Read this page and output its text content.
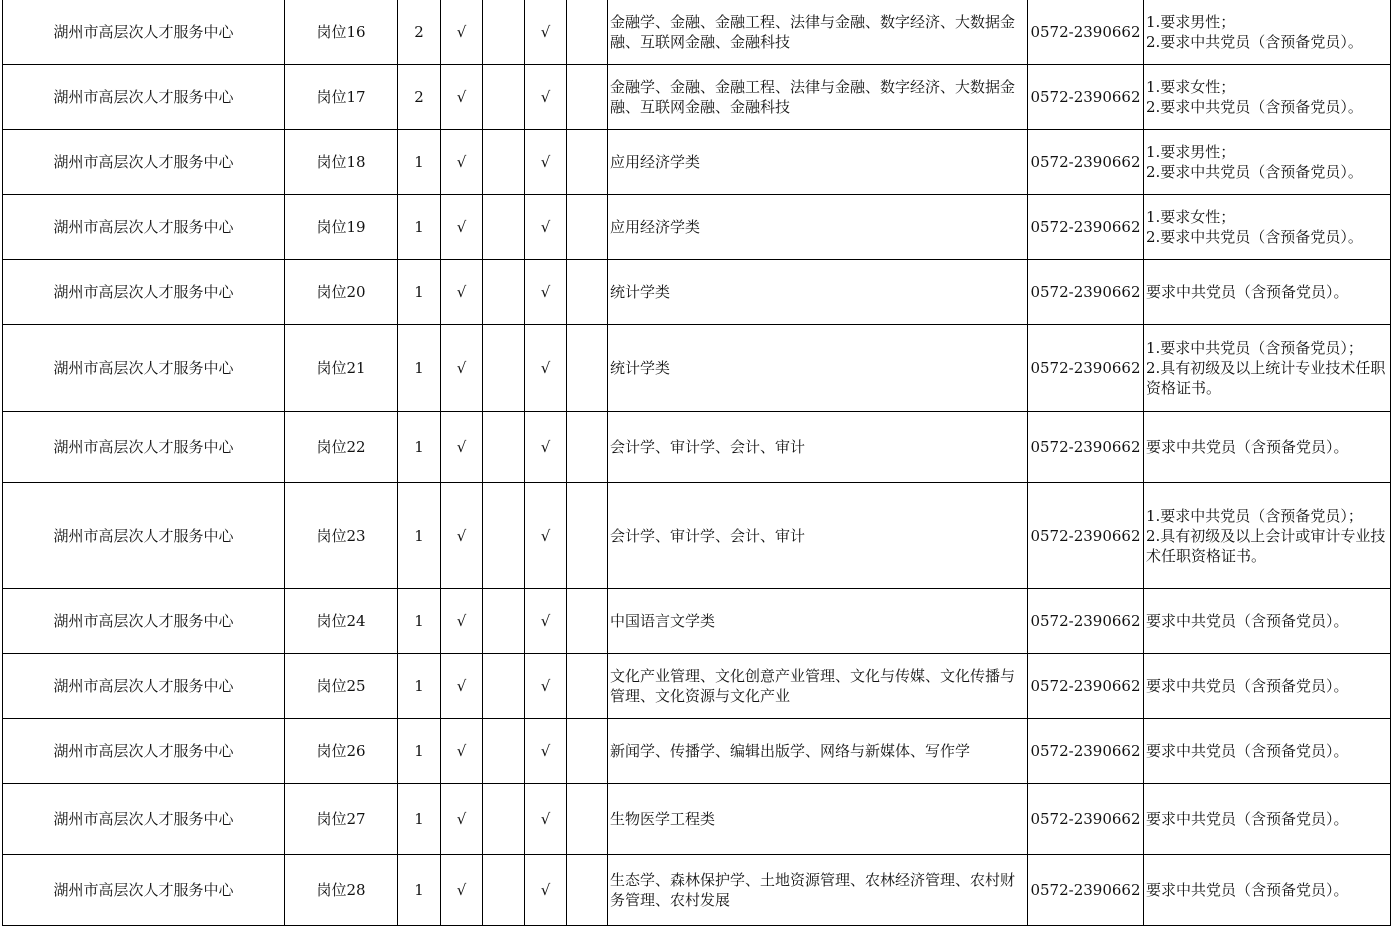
湖州市高层次人才服务中心	岗位16	2	√		√		金融学、金融、金融工程、法律与金融、数字经济、大数据金融、互联网金融、金融科技	0572-2390662	1.要求男性；
2.要求中共党员（含预备党员）。
湖州市高层次人才服务中心	岗位17	2	√		√		金融学、金融、金融工程、法律与金融、数字经济、大数据金融、互联网金融、金融科技	0572-2390662	1.要求女性；
2.要求中共党员（含预备党员）。
湖州市高层次人才服务中心	岗位18	1	√		√		应用经济学类	0572-2390662	1.要求男性；
2.要求中共党员（含预备党员）。
湖州市高层次人才服务中心	岗位19	1	√		√		应用经济学类	0572-2390662	1.要求女性；
2.要求中共党员（含预备党员）。
湖州市高层次人才服务中心	岗位20	1	√		√		统计学类	0572-2390662	要求中共党员（含预备党员）。
湖州市高层次人才服务中心	岗位21	1	√		√		统计学类	0572-2390662	1.要求中共党员（含预备党员）；
2.具有初级及以上统计专业技术任职资格证书。
湖州市高层次人才服务中心	岗位22	1	√		√		会计学、审计学、会计、审计	0572-2390662	要求中共党员（含预备党员）。
湖州市高层次人才服务中心	岗位23	1	√		√		会计学、审计学、会计、审计	0572-2390662	1.要求中共党员（含预备党员）；
2.具有初级及以上会计或审计专业技术任职资格证书。
湖州市高层次人才服务中心	岗位24	1	√		√		中国语言文学类	0572-2390662	要求中共党员（含预备党员）。
湖州市高层次人才服务中心	岗位25	1	√		√		文化产业管理、文化创意产业管理、文化与传媒、文化传播与管理、文化资源与文化产业	0572-2390662	要求中共党员（含预备党员）。
湖州市高层次人才服务中心	岗位26	1	√		√		新闻学、传播学、编辑出版学、网络与新媒体、写作学	0572-2390662	要求中共党员（含预备党员）。
湖州市高层次人才服务中心	岗位27	1	√		√		生物医学工程类	0572-2390662	要求中共党员（含预备党员）。
湖州市高层次人才服务中心	岗位28	1	√		√		生态学、森林保护学、土地资源管理、农林经济管理、农村财务管理、农村发展	0572-2390662	要求中共党员（含预备党员）。
